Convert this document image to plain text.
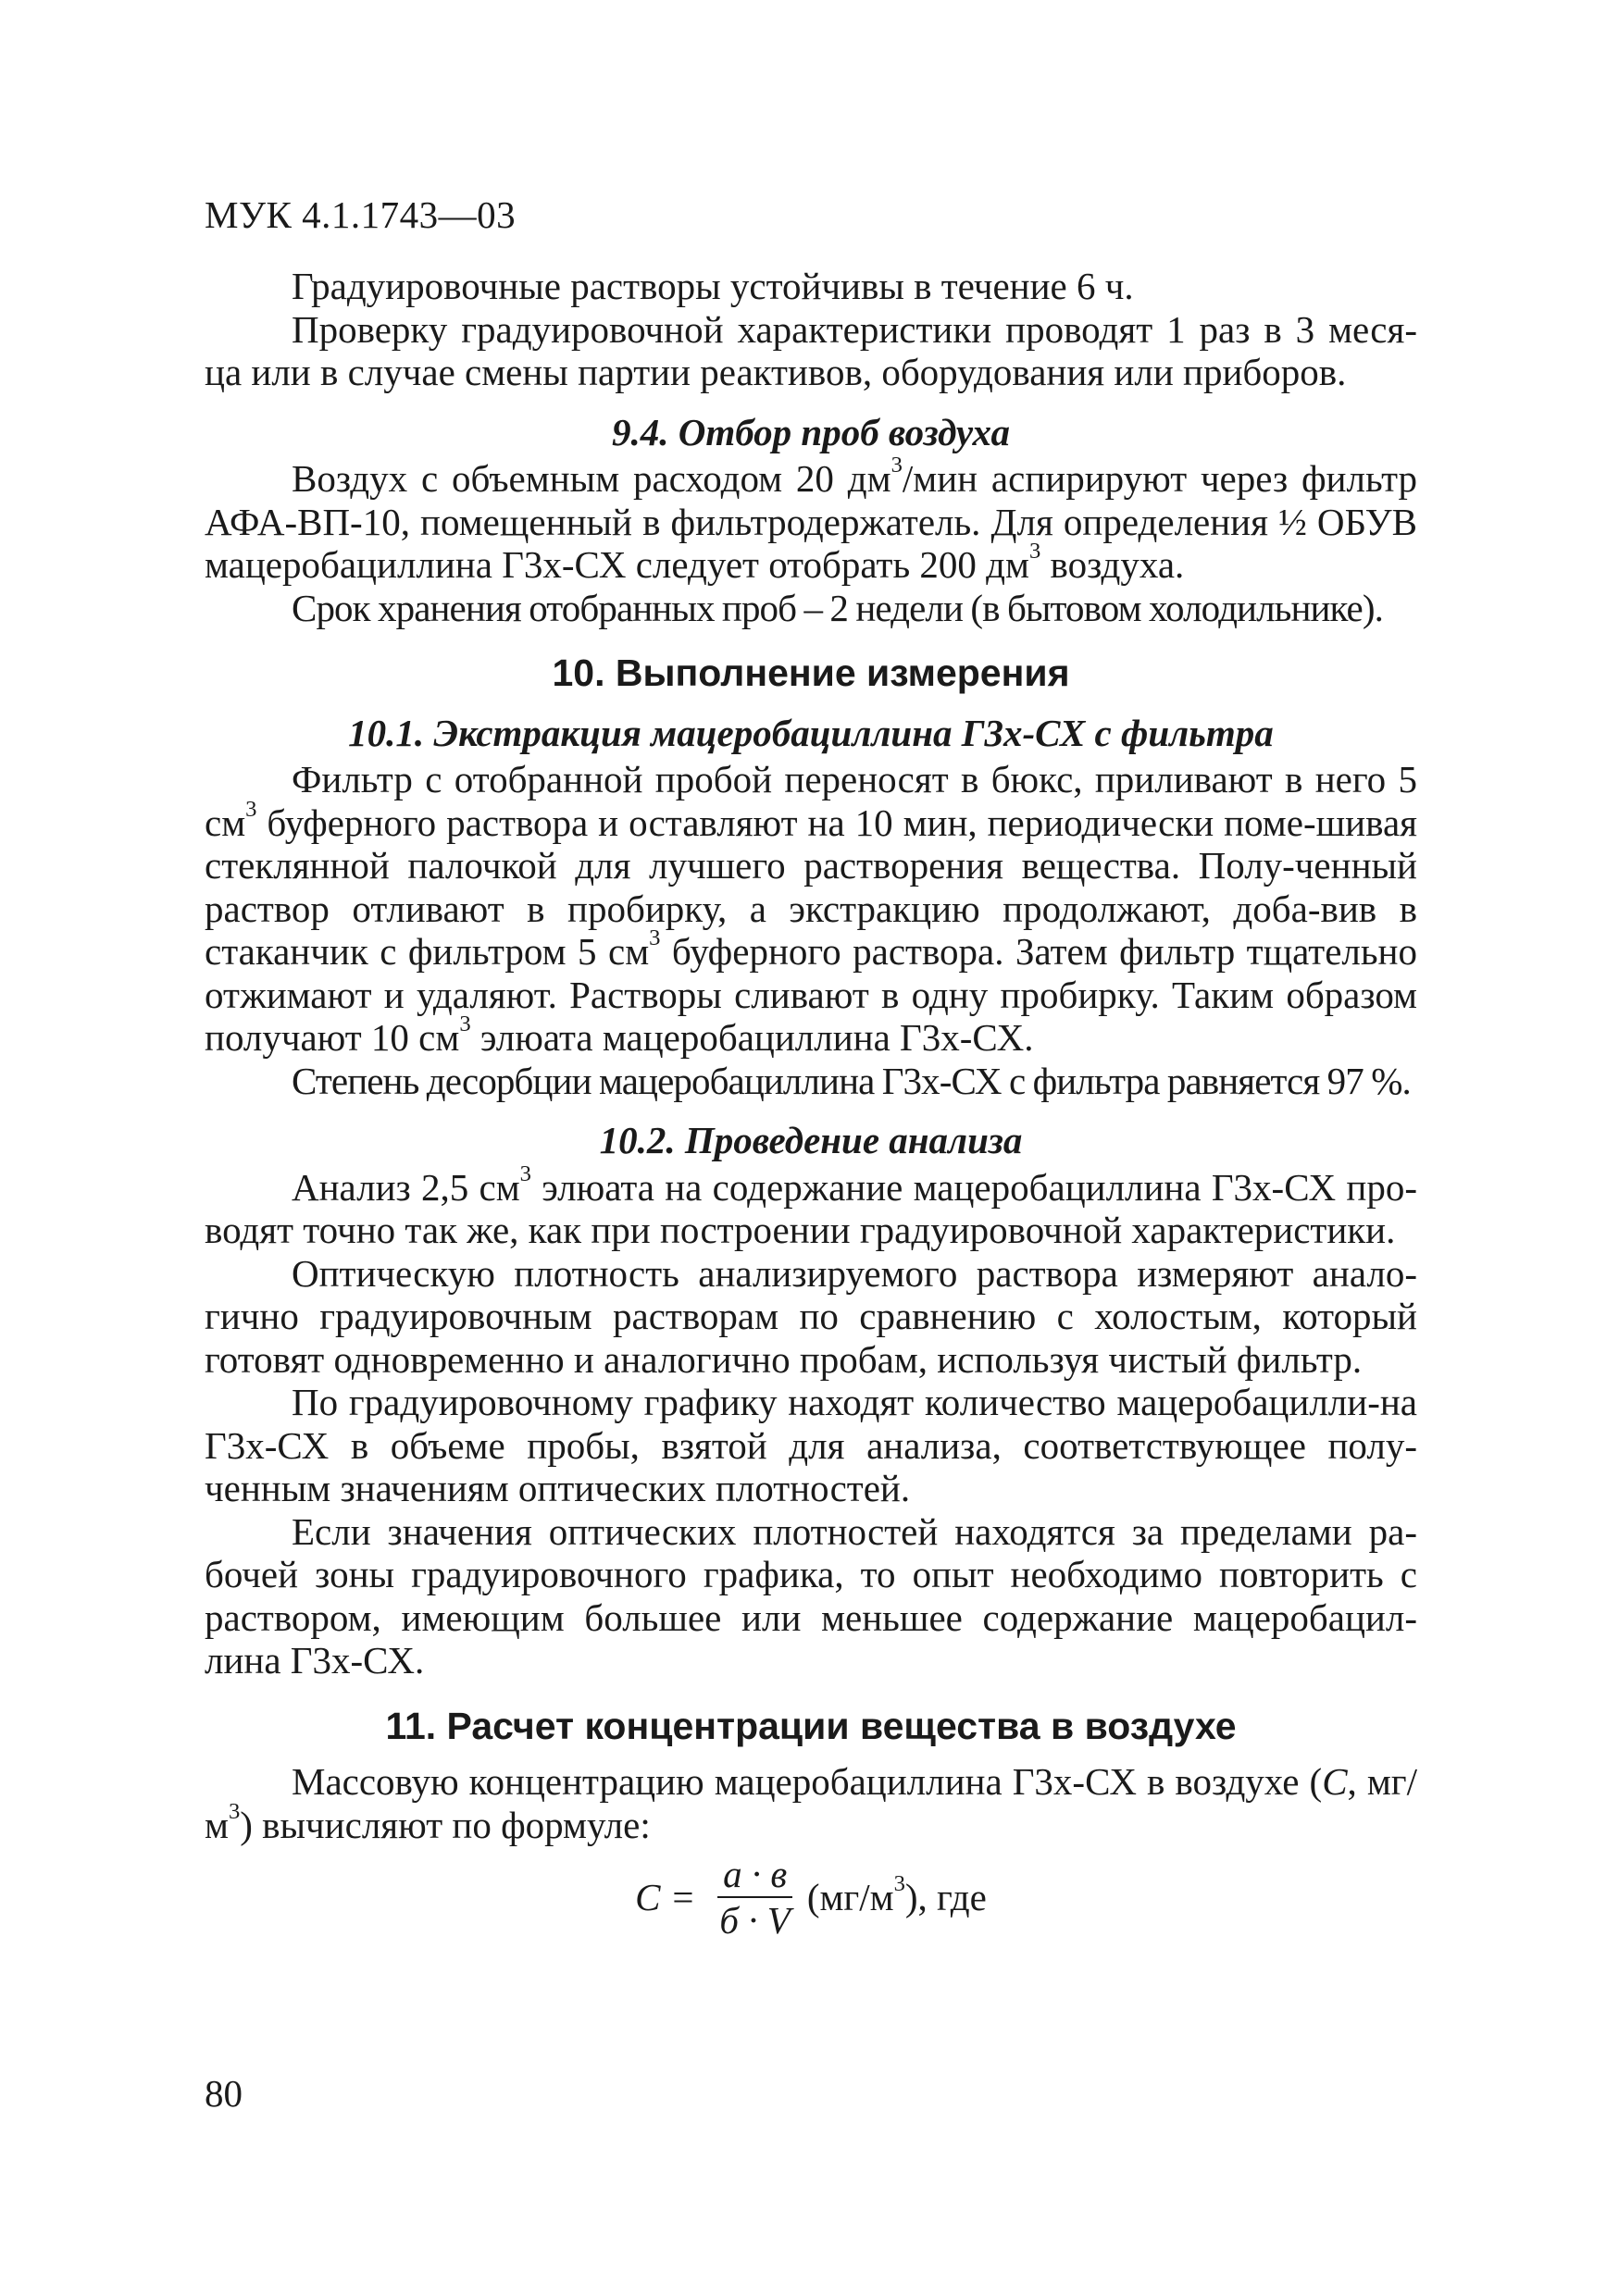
МУК 4.1.1743—03

Градуировочные растворы устойчивы в течение 6 ч.

Проверку градуировочной характеристики проводят 1 раз в 3 меся-ца или в случае смены партии реактивов, оборудования или приборов.

9.4. Отбор проб воздуха

Воздух с объемным расходом 20 $дм^3$/мин аспирируют через фильтр АФА-ВП-10, помещенный в фильтродержатель. Для определения ½ ОБУВ мацеробациллина Г3х-СХ следует отобрать 200 $дм^3$ воздуха.

Срок хранения отобранных проб – 2 недели (в бытовом холодильнике).

10. Выполнение измерения
10.1. Экстракция мацеробациллина Г3х-СХ с фильтра

Фильтр с отобранной пробой переносят в бюкс, приливают в него 5 $см^3$ буферного раствора и оставляют на 10 мин, периодически поме-шивая стеклянной палочкой для лучшего растворения вещества. Полу-ченный раствор отливают в пробирку, а экстракцию продолжают, доба-вив в стаканчик с фильтром 5 $см^3$ буферного раствора. Затем фильтр тщательно отжимают и удаляют. Растворы сливают в одну пробирку. Таким образом получают 10 $см^3$ элюата мацеробациллина Г3х-СХ.

Степень десорбции мацеробациллина Г3х-СХ с фильтра равняется 97 %.

10.2. Проведение анализа

Анализ 2,5 $см^3$ элюата на содержание мацеробациллина Г3х-СХ про-водят точно так же, как при построении градуировочной характеристики.

Оптическую плотность анализируемого раствора измеряют анало-гично градуировочным растворам по сравнению с холостым, который готовят одновременно и аналогично пробам, используя чистый фильтр.

По градуировочному графику находят количество мацеробацилли-на Г3х-СХ в объеме пробы, взятой для анализа, соответствующее полу-ченным значениям оптических плотностей.

Если значения оптических плотностей находятся за пределами ра-бочей зоны градуировочного графика, то опыт необходимо повторить с раствором, имеющим большее или меньшее содержание мацеробацил-лина Г3х-СХ.

11. Расчет концентрации вещества в воздухе

Массовую концентрацию мацеробациллина Г3х-СХ в воздухе (C, $мг/м^3$) вычисляют по формуле:

$C = \frac{а \cdot в}{б \cdot V} (мг/м^3)$, где
80
